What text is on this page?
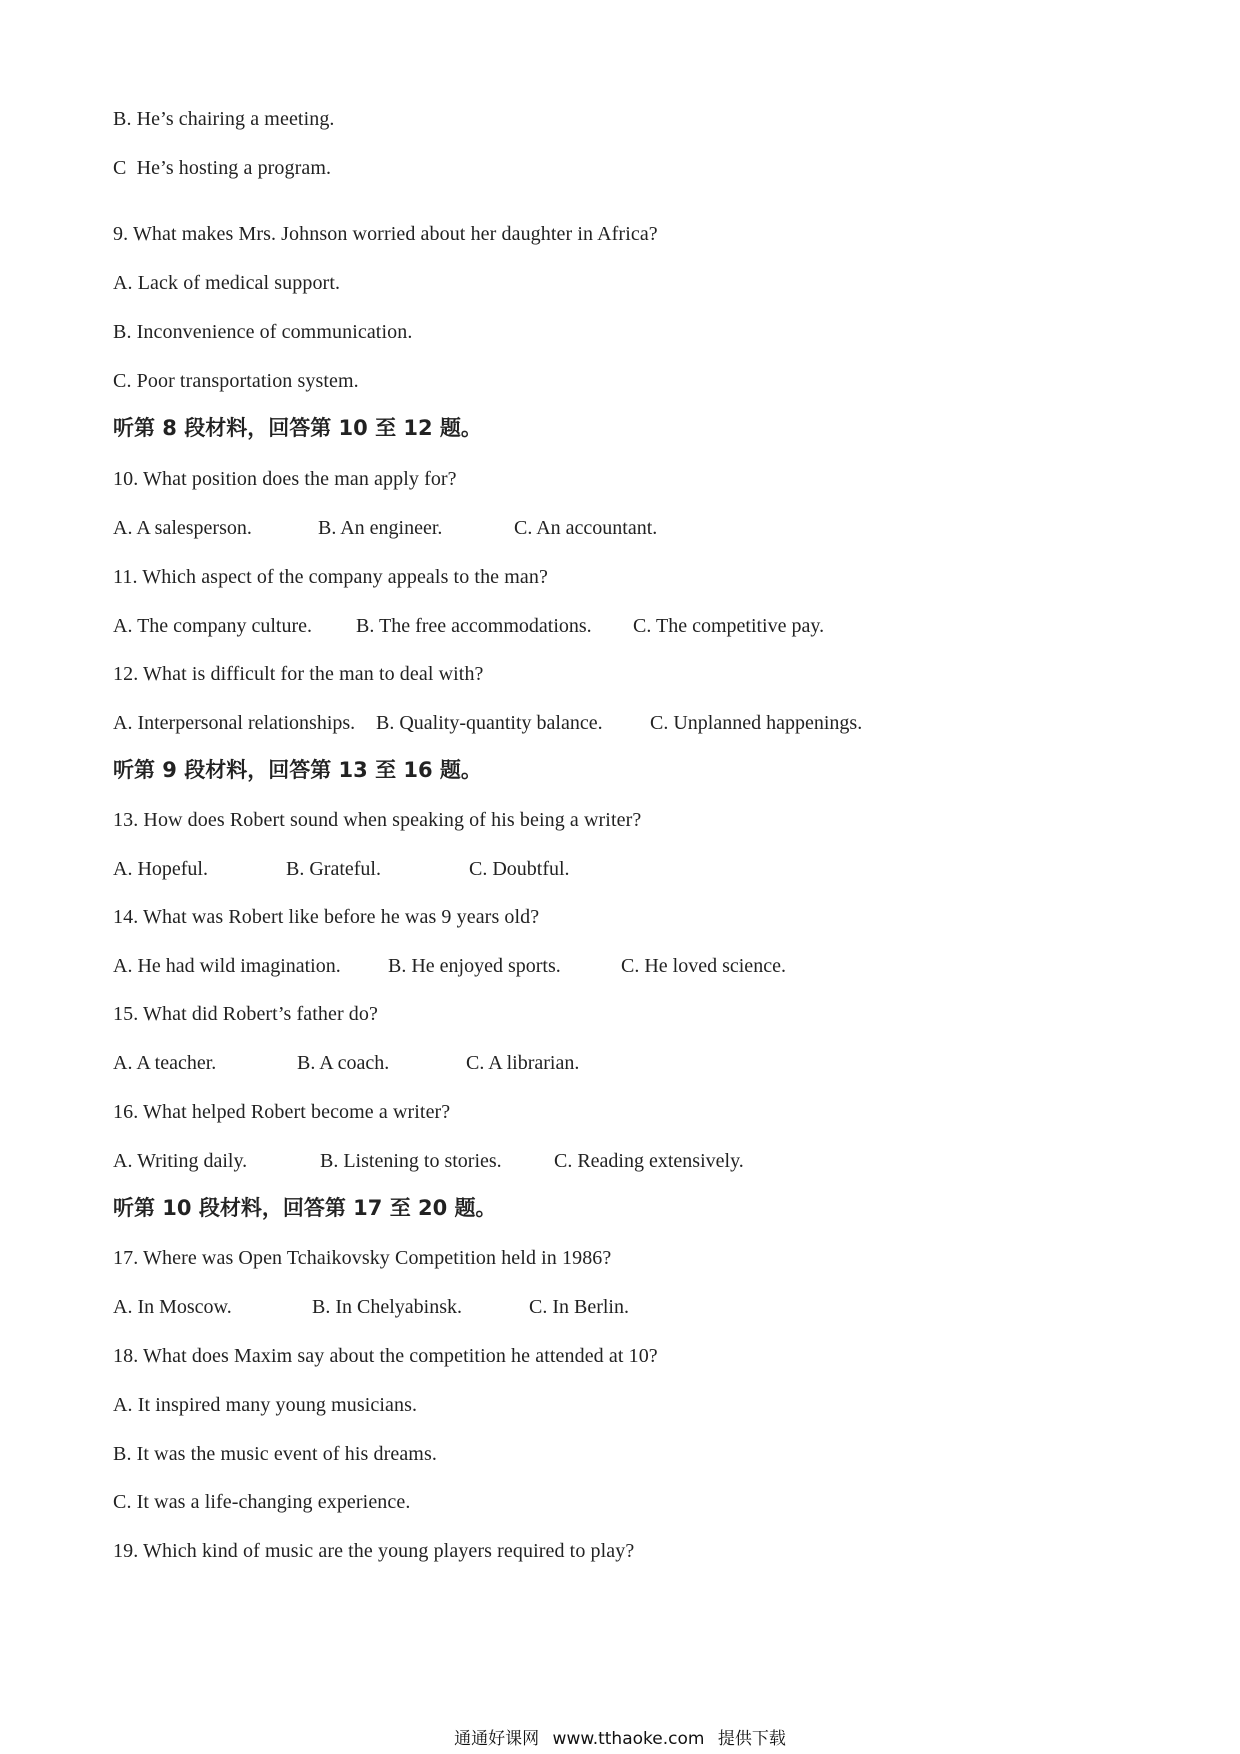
B. He’s chairing a meeting.
C  He’s hosting a program.
9. What makes Mrs. Johnson worried about her daughter in Africa?
A. Lack of medical support.
B. Inconvenience of communication.
C. Poor transportation system.
听第 8 段材料，回答第 10 至 12 题。
10. What position does the man apply for?
A. A salesperson.	B. An engineer.	C. An accountant.
11. Which aspect of the company appeals to the man?
A. The company culture. B. The free accommodations. C. The competitive pay.
12. What is difficult for the man to deal with?
A. Interpersonal relationships. B. Quality-quantity balance. C. Unplanned happenings.
听第 9 段材料，回答第 13 至 16 题。
13. How does Robert sound when speaking of his being a writer?
A. Hopeful.	B. Grateful.	C. Doubtful.
14. What was Robert like before he was 9 years old?
A. He had wild imagination. B. He enjoyed sports.	C. He loved science.
15. What did Robert’s father do?
A. A teacher.	B. A coach.	C. A librarian.
16. What helped Robert become a writer?
A. Writing daily.	B. Listening to stories.	C. Reading extensively.
听第 10 段材料，回答第 17 至 20 题。
17. Where was Open Tchaikovsky Competition held in 1986?
A. In Moscow.	B. In Chelyabinsk.	C. In Berlin.
18. What does Maxim say about the competition he attended at 10?
A. It inspired many young musicians.
B. It was the music event of his dreams.
C. It was a life-changing experience.
19. Which kind of music are the young players required to play?
通通好课网 www.tthaoke.com 提供下载
